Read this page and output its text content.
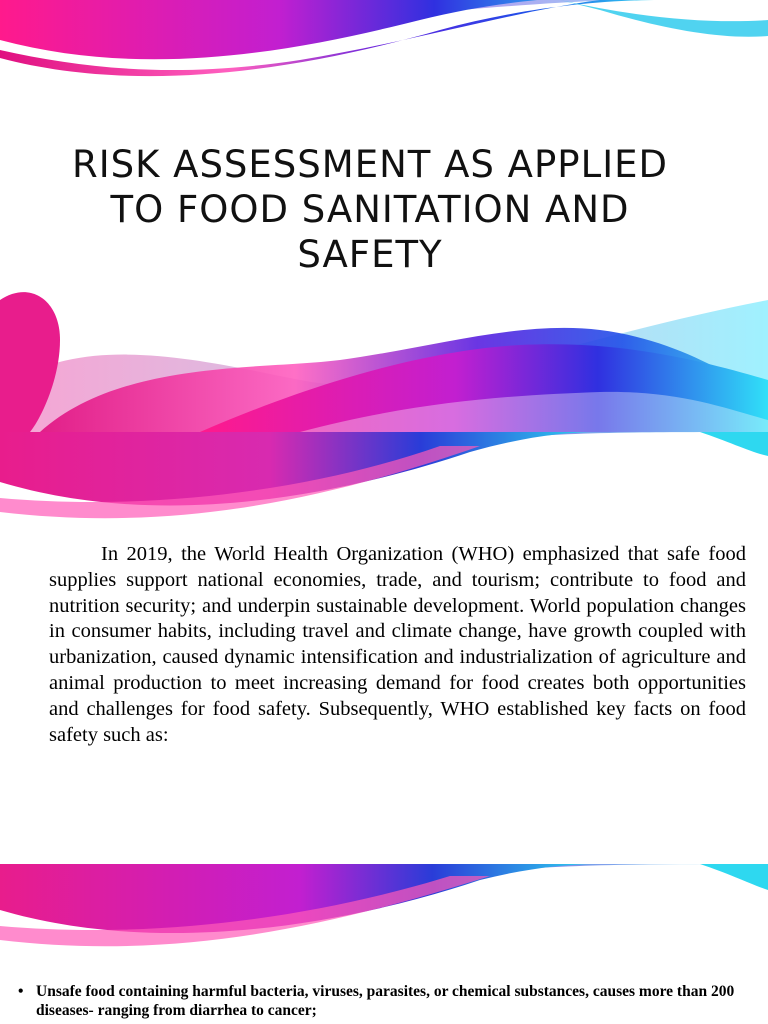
RISK ASSESSMENT AS APPLIED TO FOOD SANITATION AND SAFETY

In 2019, the World Health Organization (WHO) emphasized that safe food supplies support national economies, trade, and tourism; contribute to food and nutrition security; and underpin sustainable development. World population changes in consumer habits, including travel and climate change, have growth coupled with urbanization, caused dynamic intensification and industrialization of agriculture and animal production to meet increasing demand for food creates both opportunities and challenges for food safety. Subsequently, WHO established key facts on food safety such as:

• Unsafe food containing harmful bacteria, viruses, parasites, or chemical substances, causes more than 200 diseases- ranging from diarrhea to cancer;
